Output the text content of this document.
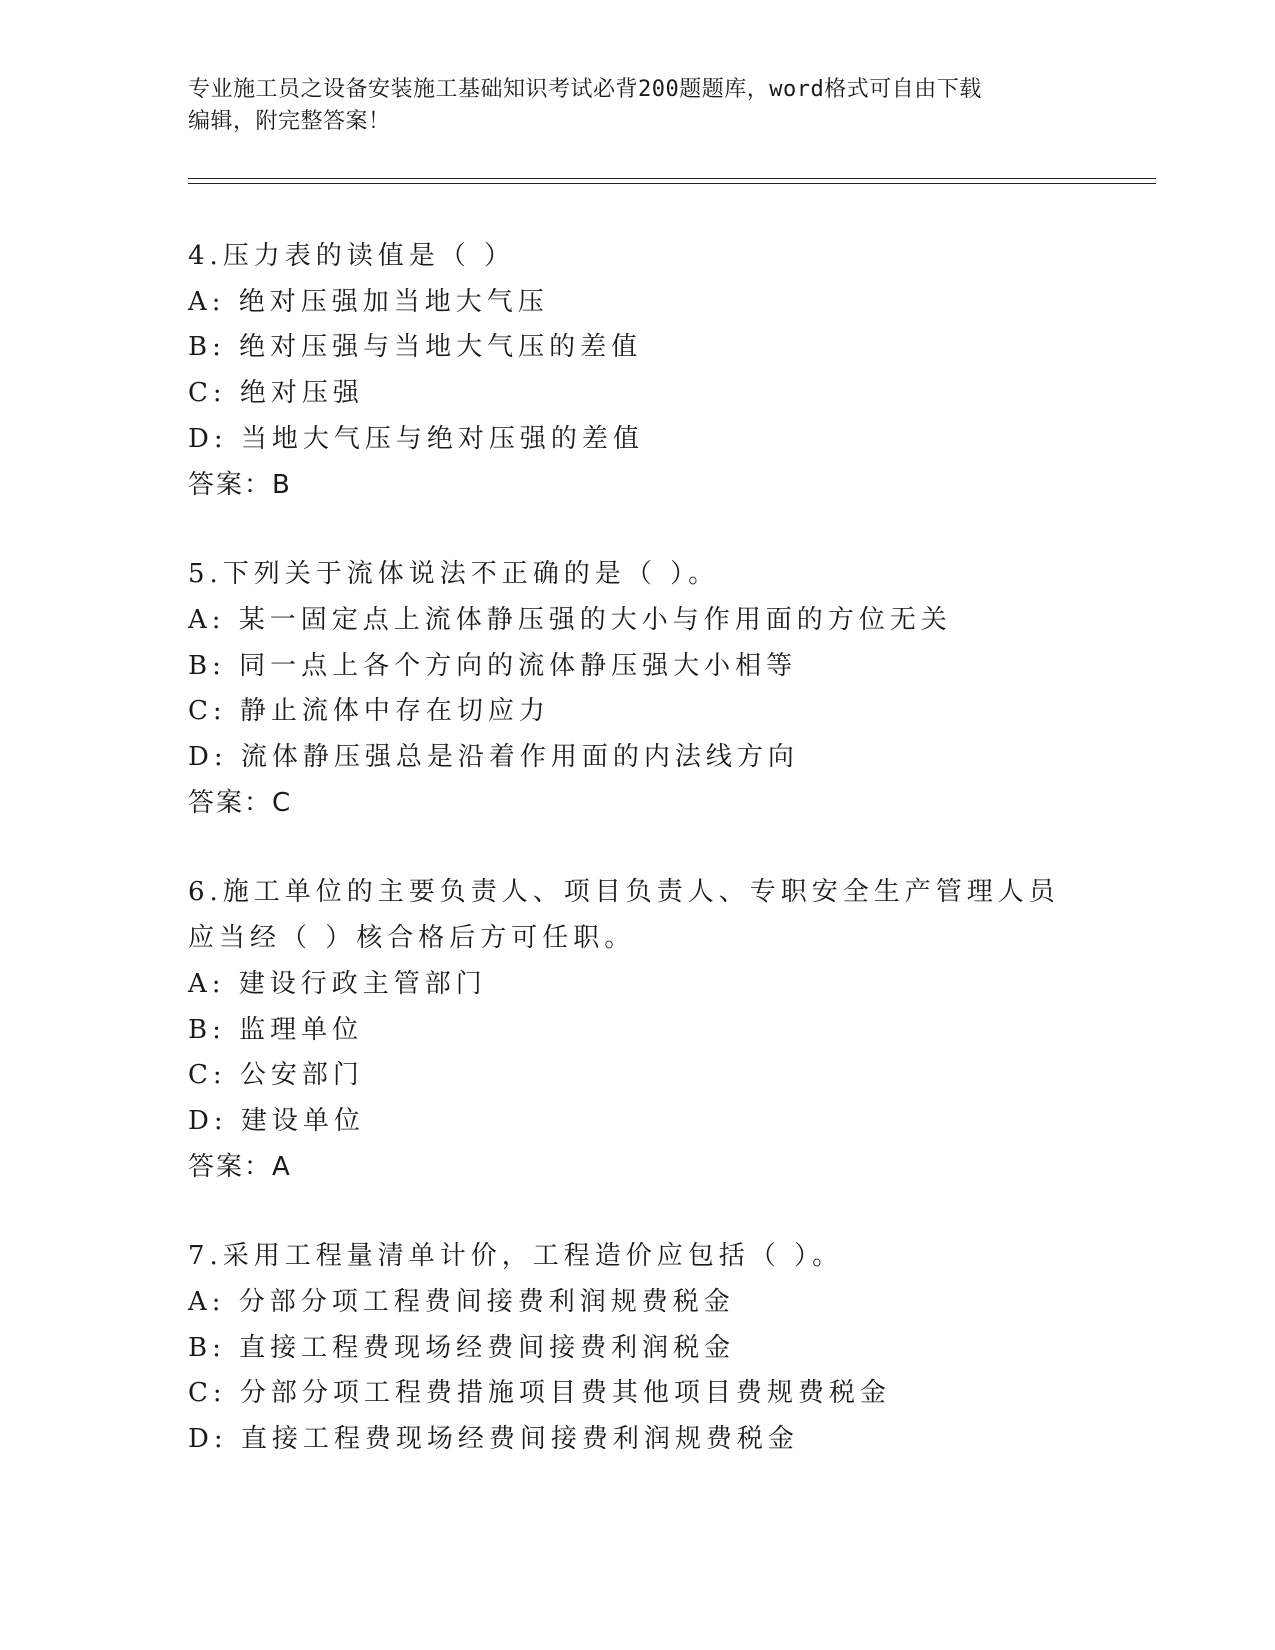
专业施工员之设备安装施工基础知识考试必背200题题库，word格式可自由下载
编辑，附完整答案！
4.压力表的读值是（ ）
A: 绝对压强加当地大气压
B: 绝对压强与当地大气压的差值
C: 绝对压强
D: 当地大气压与绝对压强的差值
答案：B
5.下列关于流体说法不正确的是（ ）。
A: 某一固定点上流体静压强的大小与作用面的方位无关
B: 同一点上各个方向的流体静压强大小相等
C: 静止流体中存在切应力
D: 流体静压强总是沿着作用面的内法线方向
答案：C
6.施工单位的主要负责人、项目负责人、专职安全生产管理人员应当经（ ）核合格后方可任职。
A: 建设行政主管部门
B: 监理单位
C: 公安部门
D: 建设单位
答案：A
7.采用工程量清单计价，工程造价应包括（ ）。
A: 分部分项工程费间接费利润规费税金
B: 直接工程费现场经费间接费利润税金
C: 分部分项工程费措施项目费其他项目费规费税金
D: 直接工程费现场经费间接费利润规费税金
